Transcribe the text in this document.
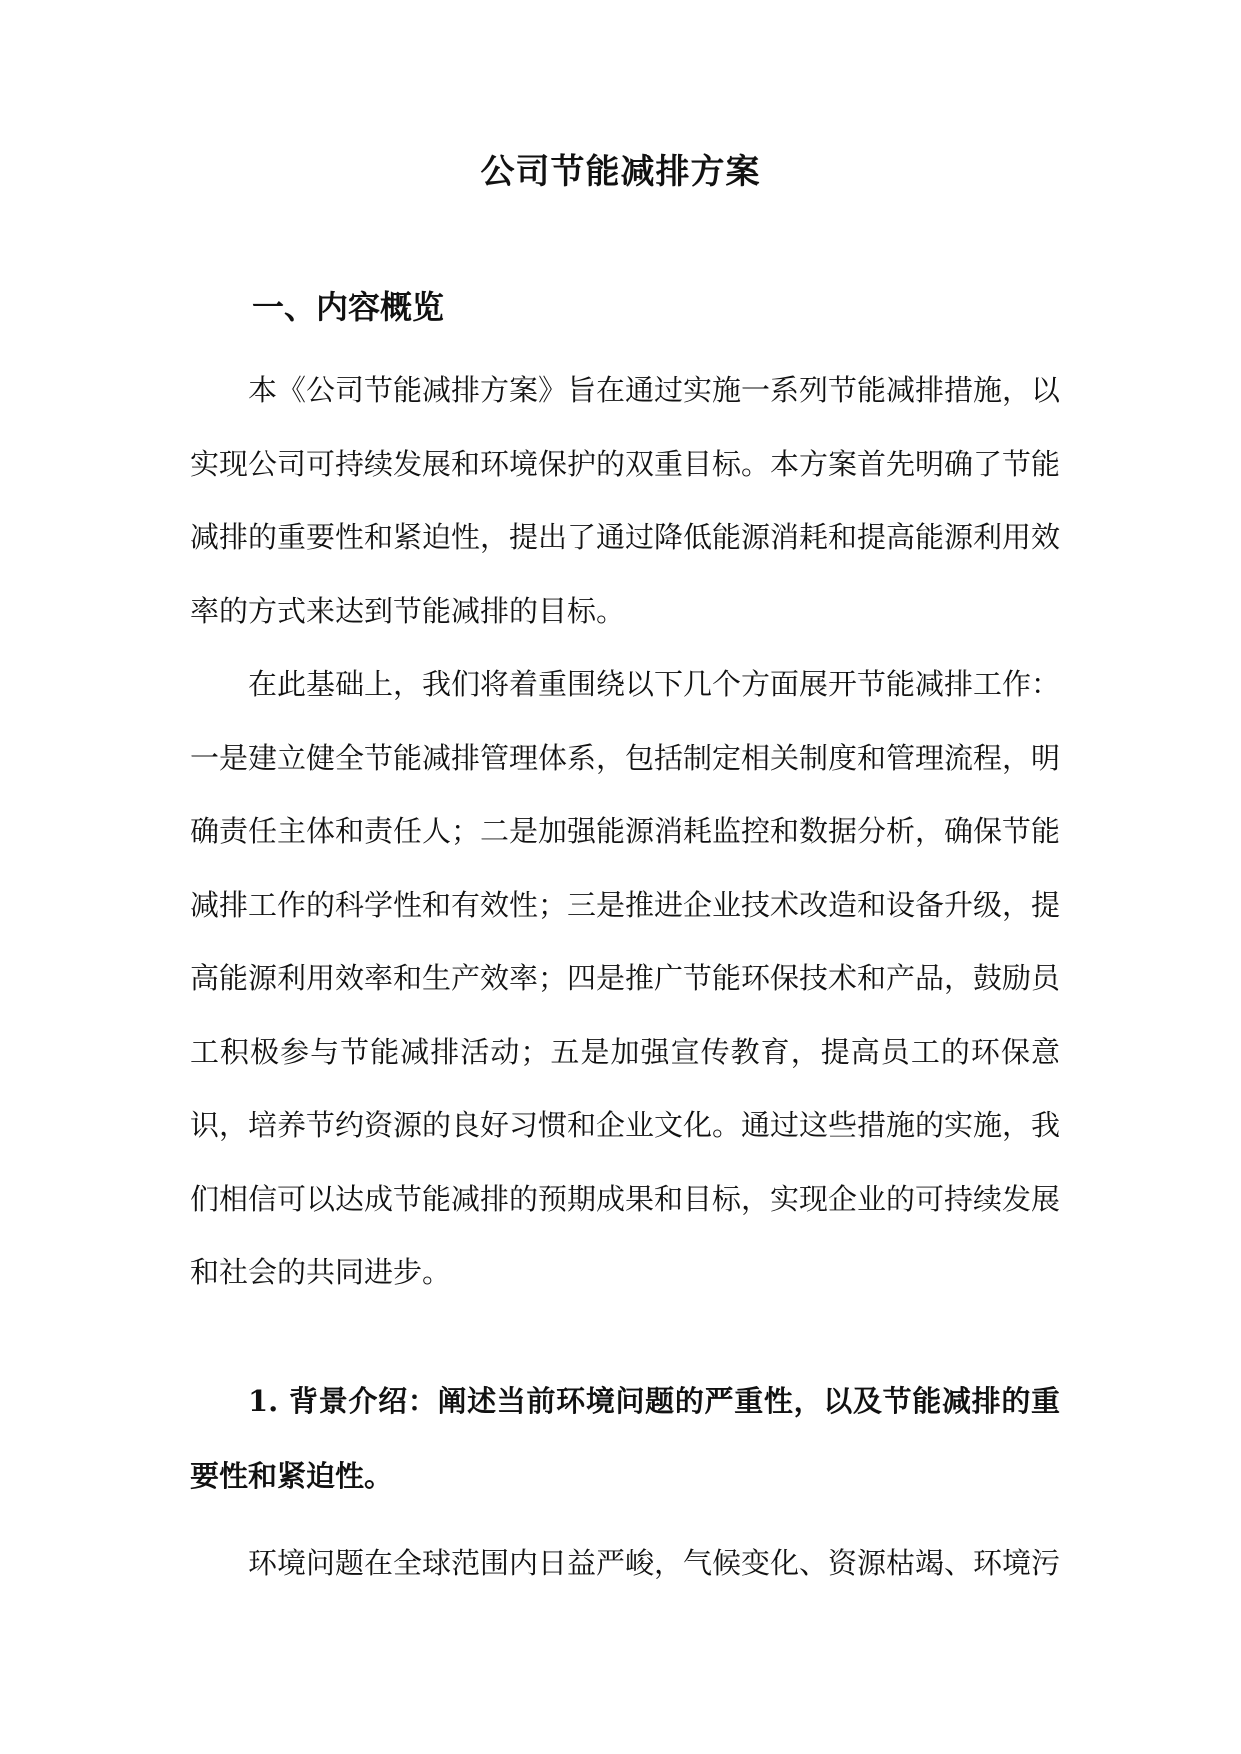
公司节能减排方案
一、内容概览

本《公司节能减排方案》旨在通过实施一系列节能减排措施，以实现公司可持续发展和环境保护的双重目标。本方案首先明确了节能减排的重要性和紧迫性，提出了通过降低能源消耗和提高能源利用效率的方式来达到节能减排的目标。

在此基础上，我们将着重围绕以下几个方面展开节能减排工作：一是建立健全节能减排管理体系，包括制定相关制度和管理流程，明确责任主体和责任人；二是加强能源消耗监控和数据分析，确保节能减排工作的科学性和有效性；三是推进企业技术改造和设备升级，提高能源利用效率和生产效率；四是推广节能环保技术和产品，鼓励员工积极参与节能减排活动；五是加强宣传教育，提高员工的环保意识，培养节约资源的良好习惯和企业文化。通过这些措施的实施，我们相信可以达成节能减排的预期成果和目标，实现企业的可持续发展和社会的共同进步。

1. 背景介绍：阐述当前环境问题的严重性，以及节能减排的重要性和紧迫性。

环境问题在全球范围内日益严峻，气候变化、资源枯竭、环境污
